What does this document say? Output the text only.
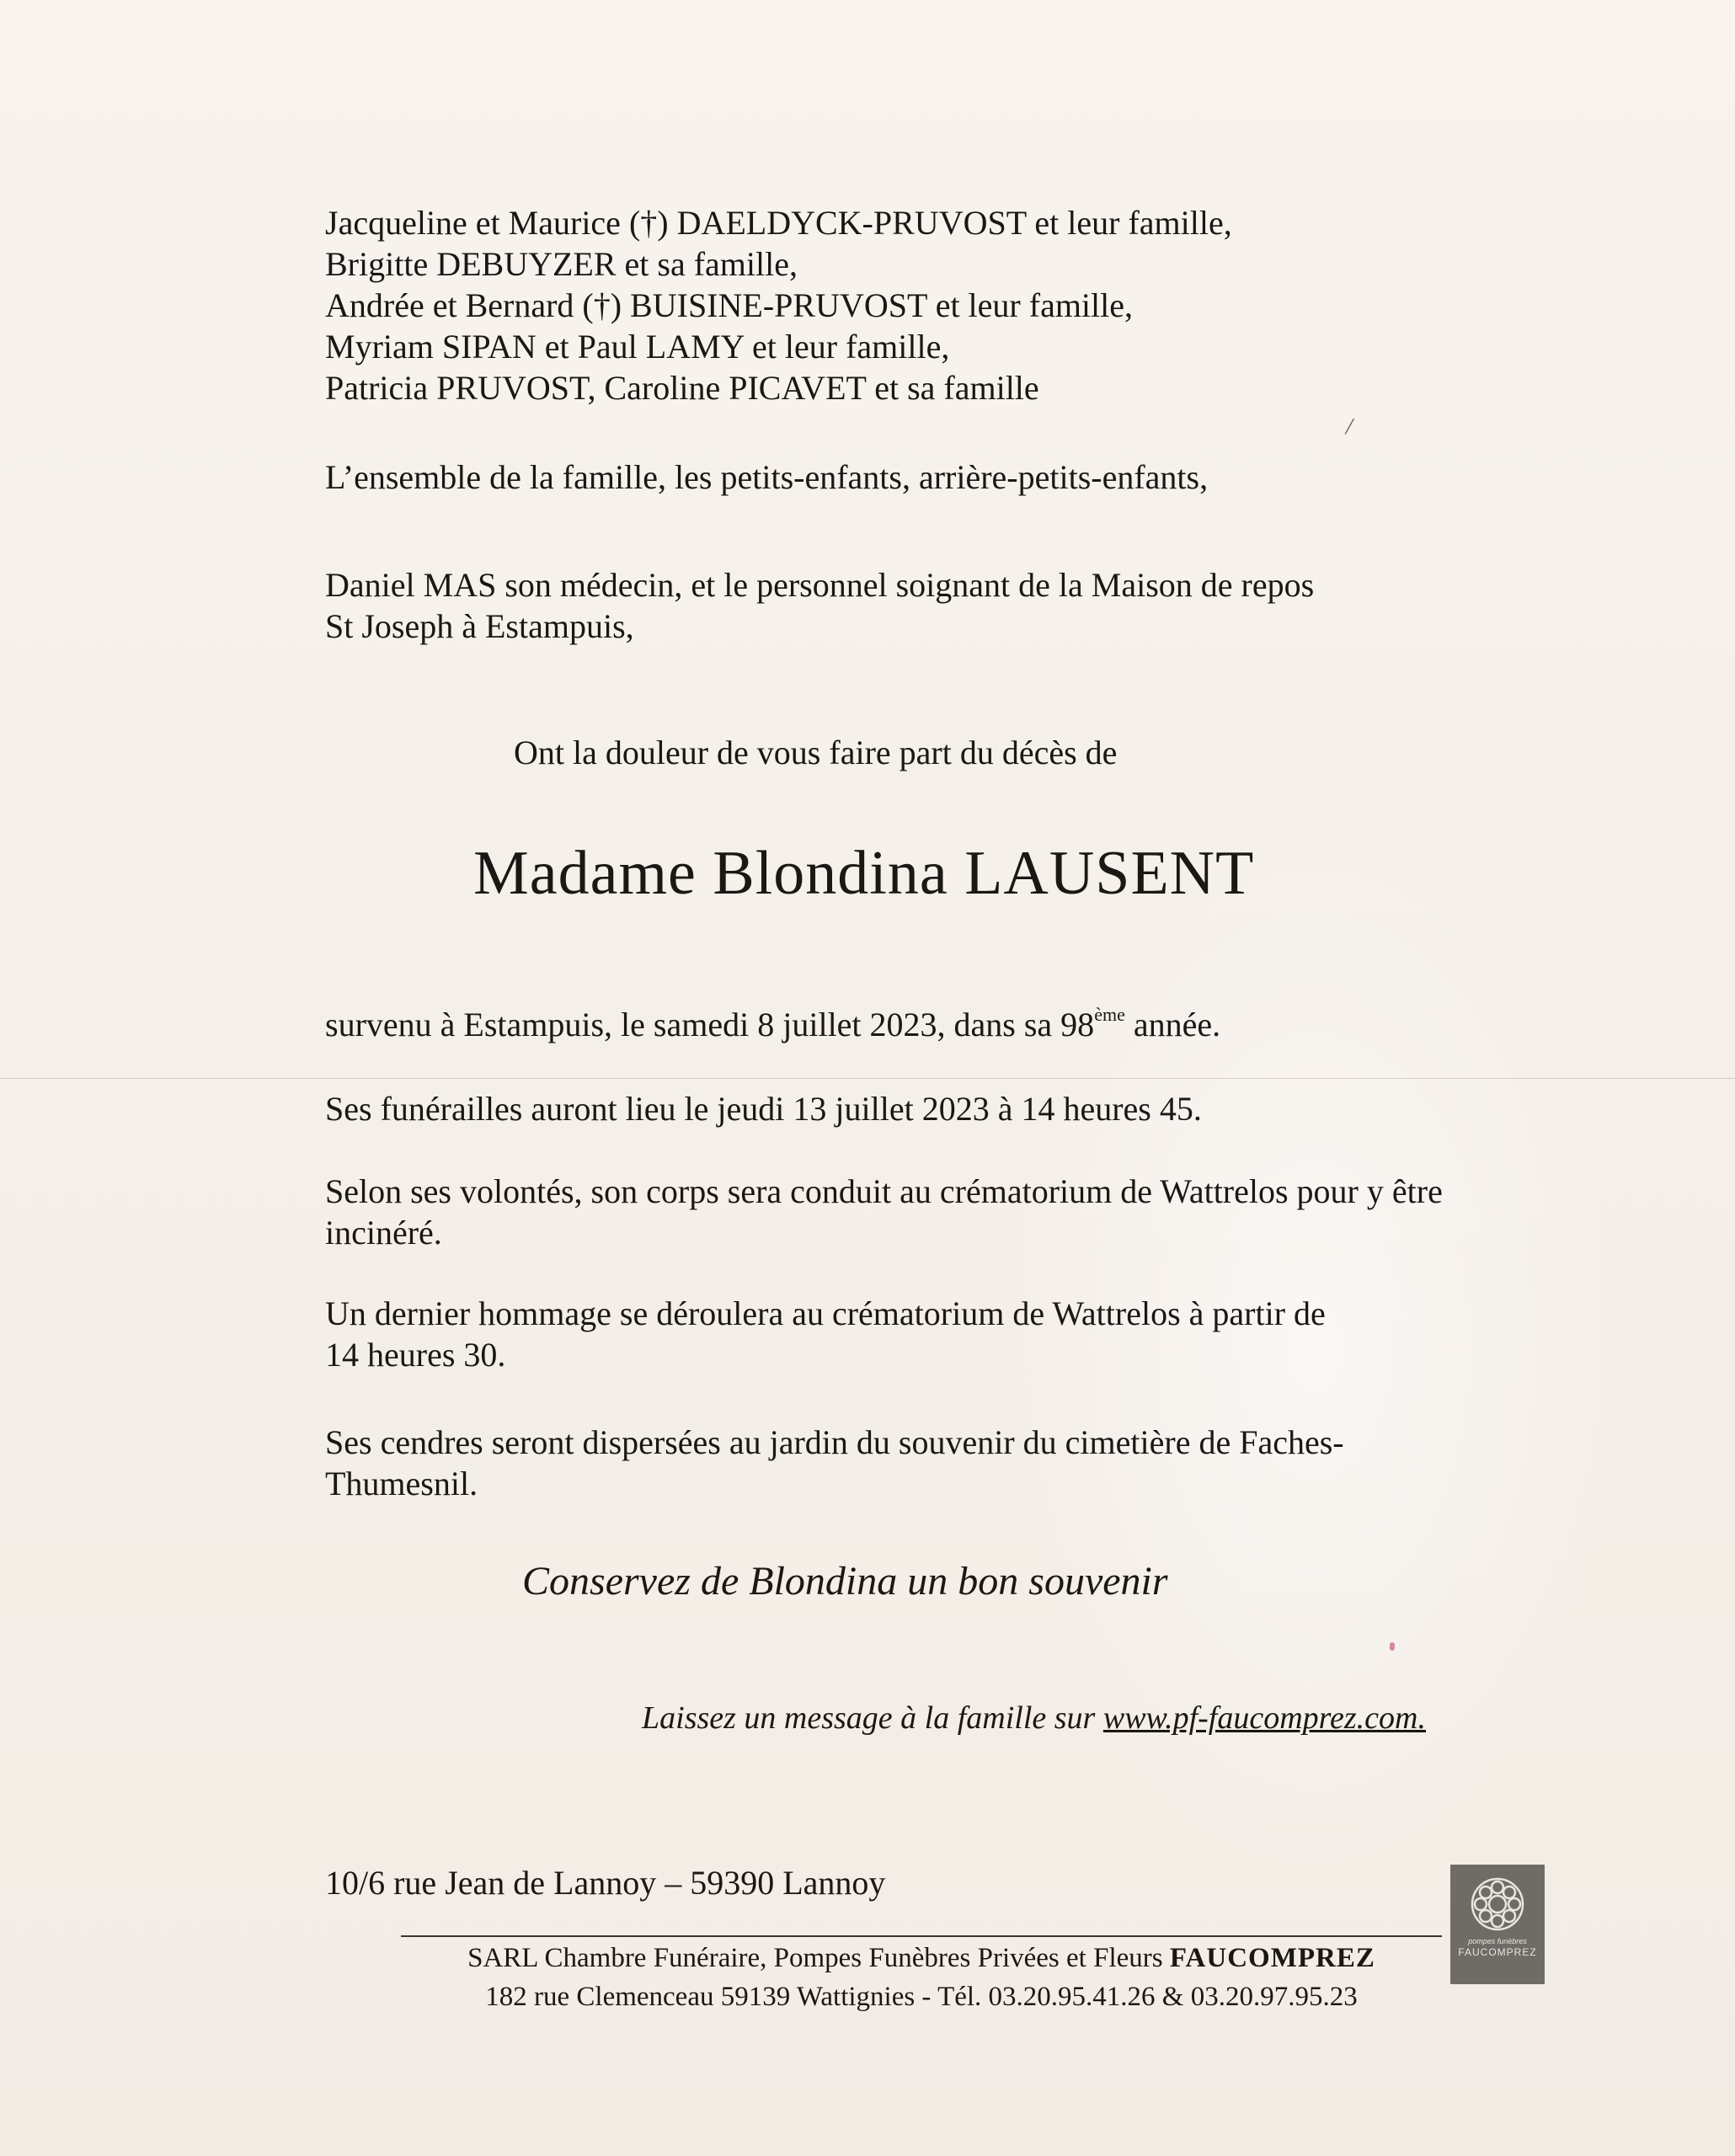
Jacqueline et Maurice (†) DAELDYCK-PRUVOST et leur famille,
Brigitte DEBUYZER et sa famille,
Andrée et Bernard (†) BUISINE-PRUVOST et leur famille,
Myriam SIPAN et Paul LAMY et leur famille,
Patricia PRUVOST, Caroline PICAVET et sa famille
/
L’ensemble de la famille, les petits-enfants, arrière-petits-enfants,
Daniel MAS son médecin, et le personnel soignant de la Maison de repos
St Joseph à Estampuis,
Ont la douleur de vous faire part du décès de
Madame Blondina LAUSENT
survenu à Estampuis, le samedi 8 juillet 2023, dans sa 98ème année.
Ses funérailles auront lieu le jeudi 13 juillet 2023 à 14 heures 45.
Selon ses volontés, son corps sera conduit au crématorium de Wattrelos pour y être
incinéré.
Un dernier hommage se déroulera au crématorium de Wattrelos à partir de
14 heures 30.
Ses cendres seront dispersées au jardin du souvenir du cimetière de Faches-
Thumesnil.
Conservez de Blondina un bon souvenir
Laissez un message à la famille sur www.pf-faucomprez.com.
10/6 rue Jean de Lannoy – 59390 Lannoy
SARL Chambre Funéraire, Pompes Funèbres Privées et Fleurs FAUCOMPREZ
182 rue Clemenceau 59139 Wattignies - Tél. 03.20.95.41.26 & 03.20.97.95.23
pompes funèbres
FAUCOMPREZ
